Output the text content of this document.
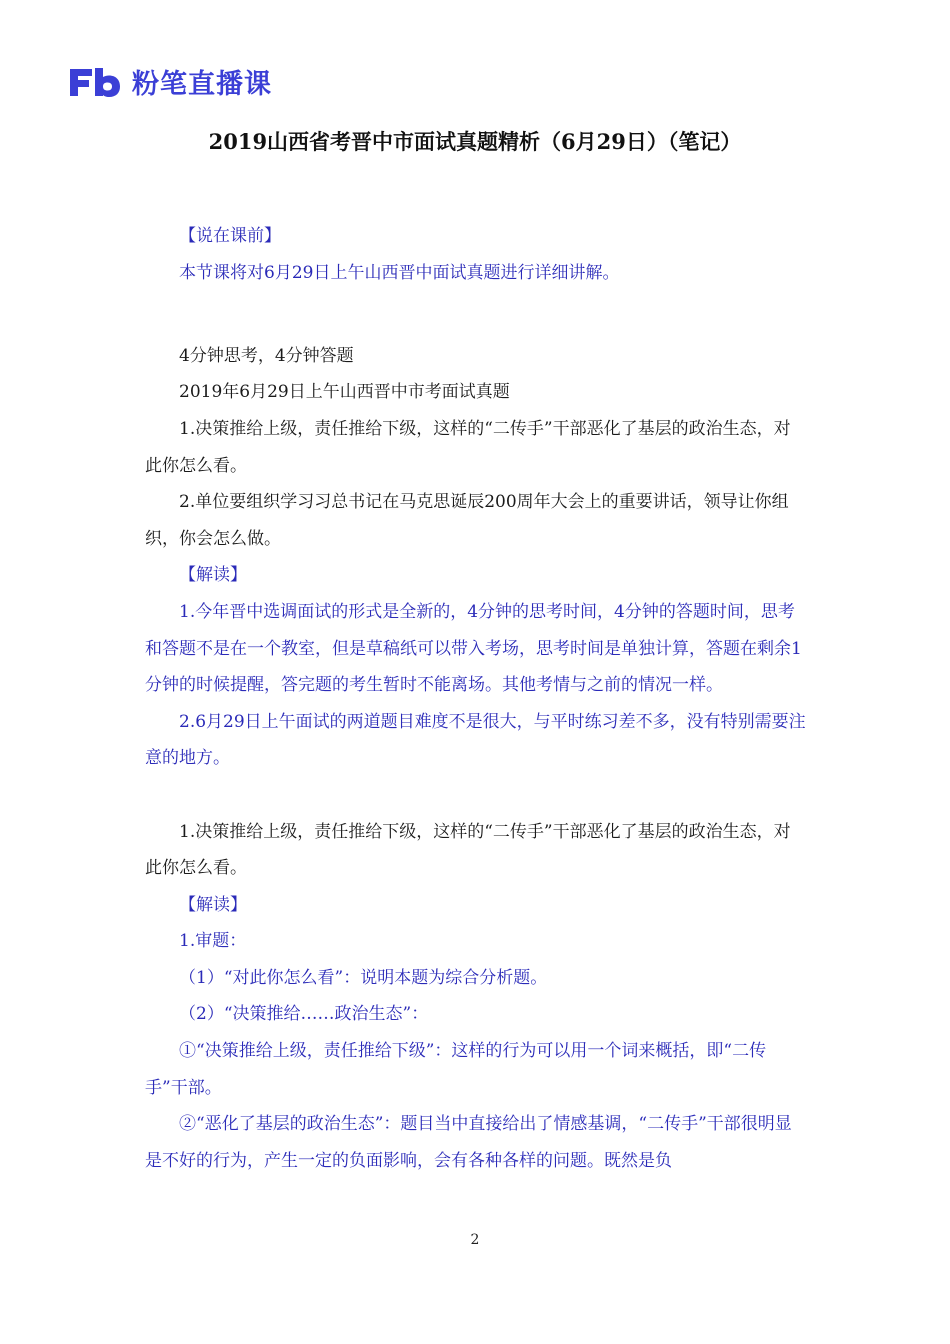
粉笔直播课
2019山西省考晋中市面试真题精析（6月29日）（笔记）

【说在课前】

本节课将对6月29日上午山西晋中面试真题进行详细讲解。

4分钟思考，4分钟答题

2019年6月29日上午山西晋中市考面试真题

1.决策推给上级，责任推给下级，这样的“二传手”干部恶化了基层的政治生态，对此你怎么看。

2.单位要组织学习习总书记在马克思诞辰200周年大会上的重要讲话，领导让你组织，你会怎么做。

【解读】

1.今年晋中选调面试的形式是全新的，4分钟的思考时间，4分钟的答题时间，思考和答题不是在一个教室，但是草稿纸可以带入考场，思考时间是单独计算，答题在剩余1分钟的时候提醒，答完题的考生暂时不能离场。其他考情与之前的情况一样。

2.6月29日上午面试的两道题目难度不是很大，与平时练习差不多，没有特别需要注意的地方。

1.决策推给上级，责任推给下级，这样的“二传手”干部恶化了基层的政治生态，对此你怎么看。

【解读】

1.审题：

（1）“对此你怎么看”：说明本题为综合分析题。

（2）“决策推给……政治生态”：

①“决策推给上级，责任推给下级”：这样的行为可以用一个词来概括，即“二传手”干部。

②“恶化了基层的政治生态”：题目当中直接给出了情感基调，“二传手”干部很明显是不好的行为，产生一定的负面影响，会有各种各样的问题。既然是负

2
